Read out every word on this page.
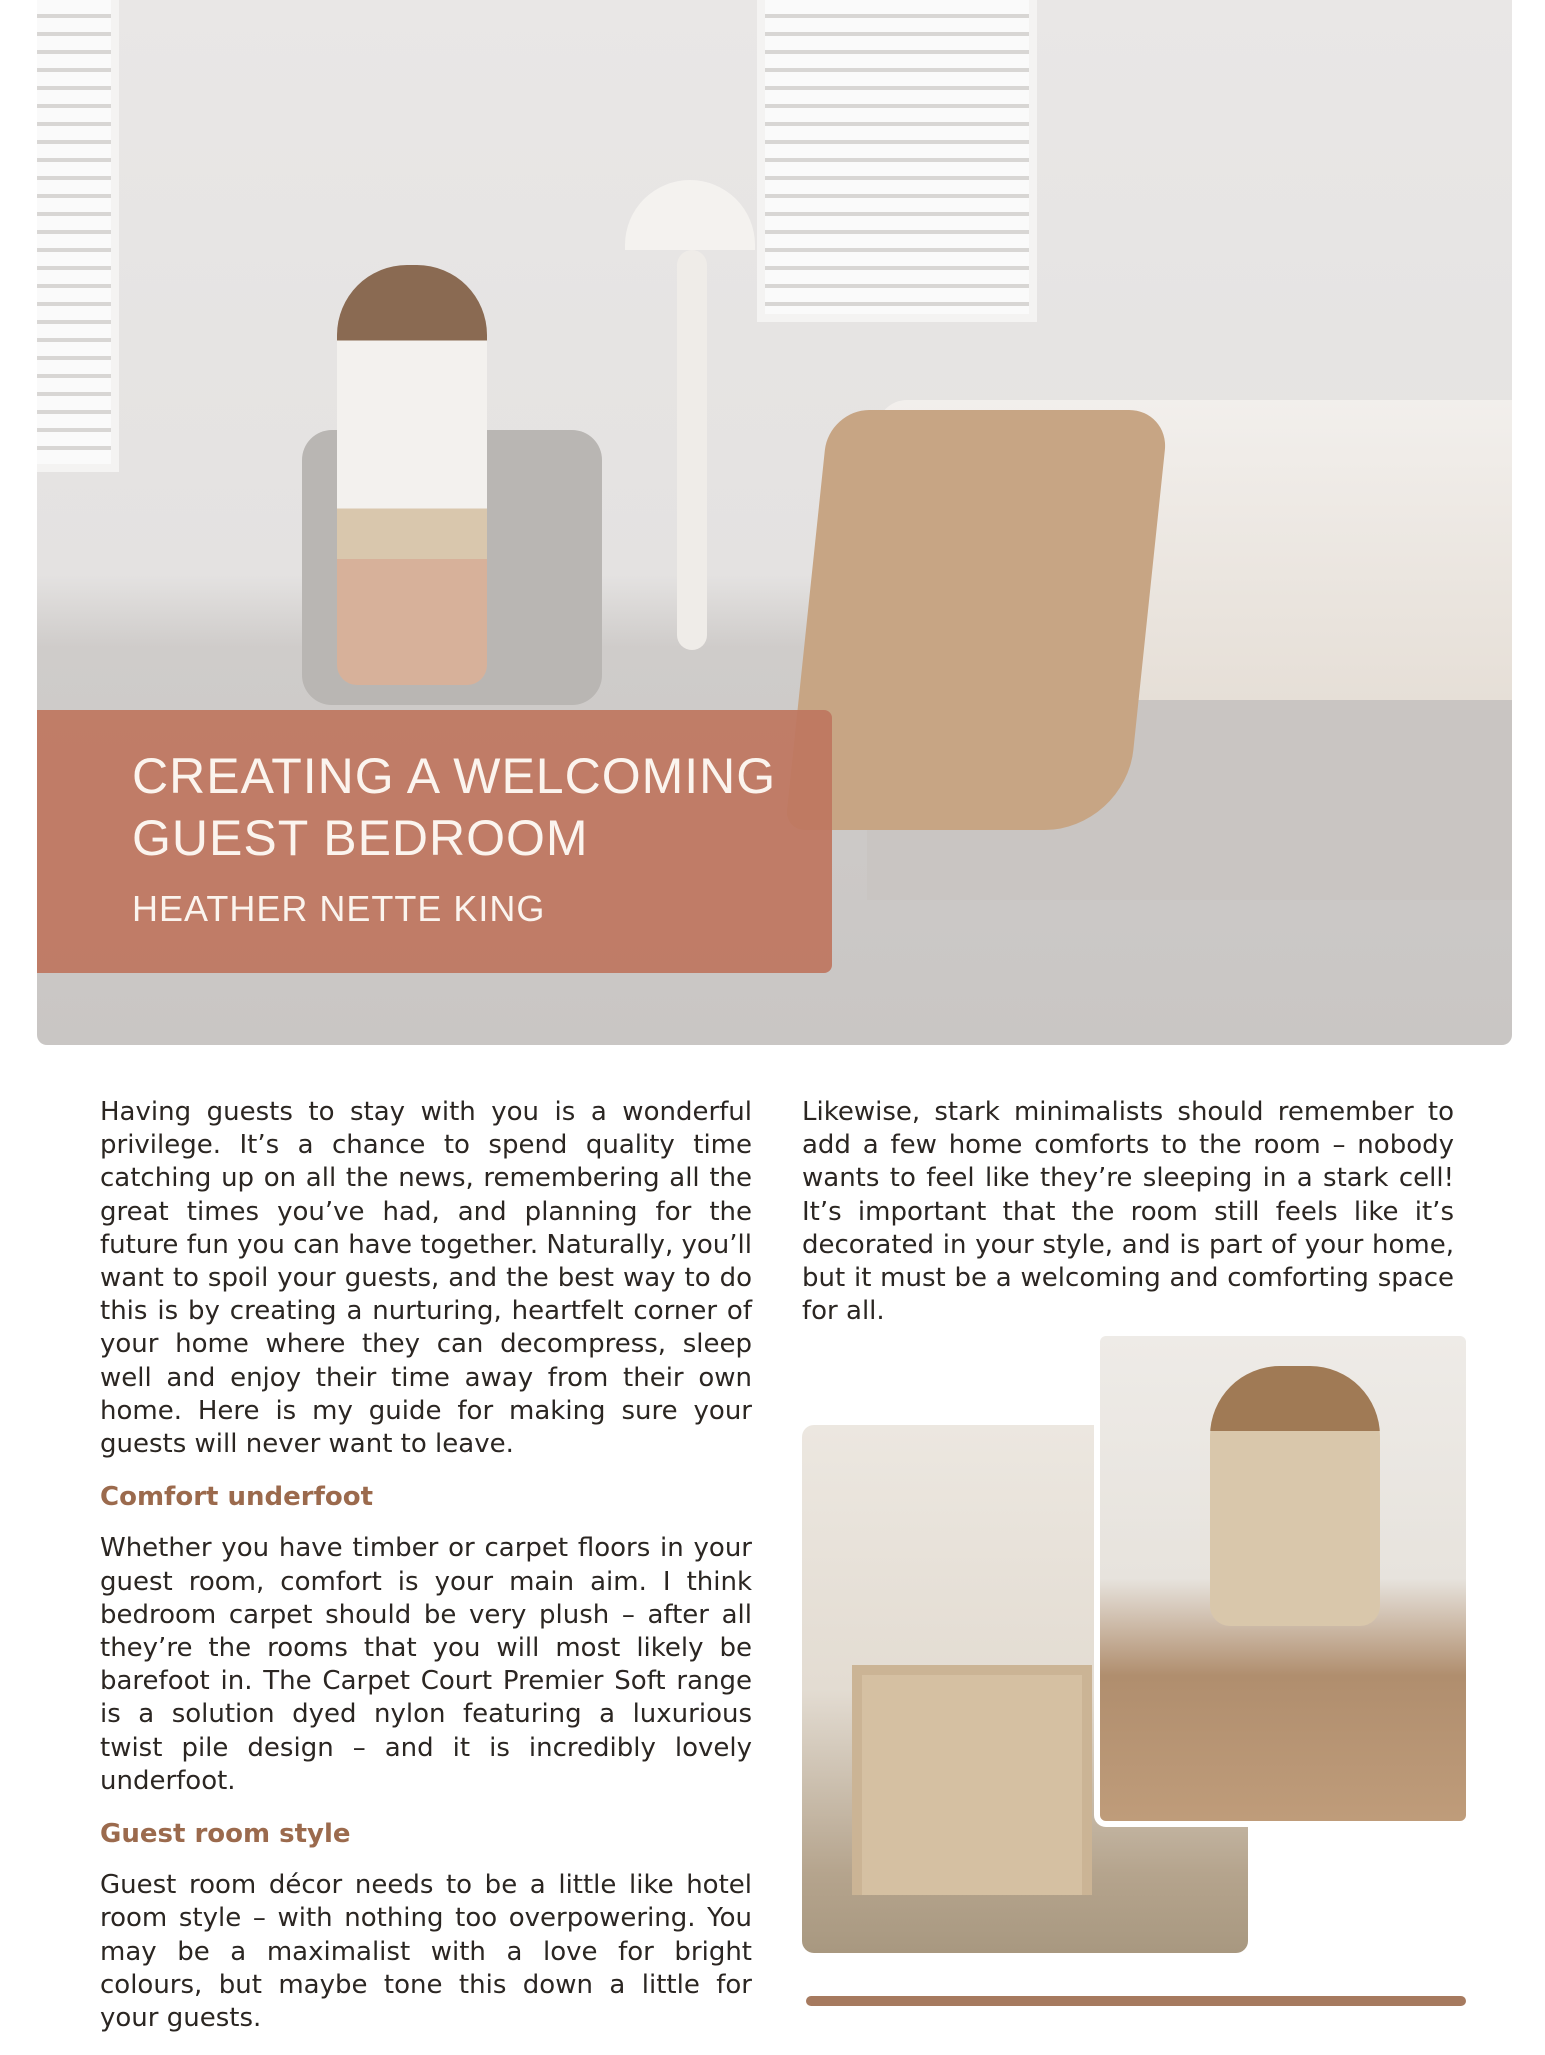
CREATING A WELCOMING
GUEST BEDROOM
HEATHER NETTE KING

Having guests to stay with you is a wonderful privilege. It’s a chance to spend quality time catching up on all the news, remembering all the great times you’ve had, and planning for the future fun you can have together. Naturally, you’ll want to spoil your guests, and the best way to do this is by creating a nurturing, heartfelt corner of your home where they can decompress, sleep well and enjoy their time away from their own home. Here is my guide for making sure your guests will never want to leave.

Comfort underfoot

Whether you have timber or carpet floors in your guest room, comfort is your main aim. I think bedroom carpet should be very plush – after all they’re the rooms that you will most likely be barefoot in. The Carpet Court Premier Soft range is a solution dyed nylon featuring a luxurious twist pile design – and it is incredibly lovely underfoot.

Guest room style

Guest room décor needs to be a little like hotel room style – with nothing too overpowering. You may be a maximalist with a love for bright colours, but maybe tone this down a little for your guests.

Likewise, stark minimalists should remember to add a few home comforts to the room – nobody wants to feel like they’re sleeping in a stark cell! It’s important that the room still feels like it’s decorated in your style, and is part of your home, but it must be a welcoming and comforting space for all.
